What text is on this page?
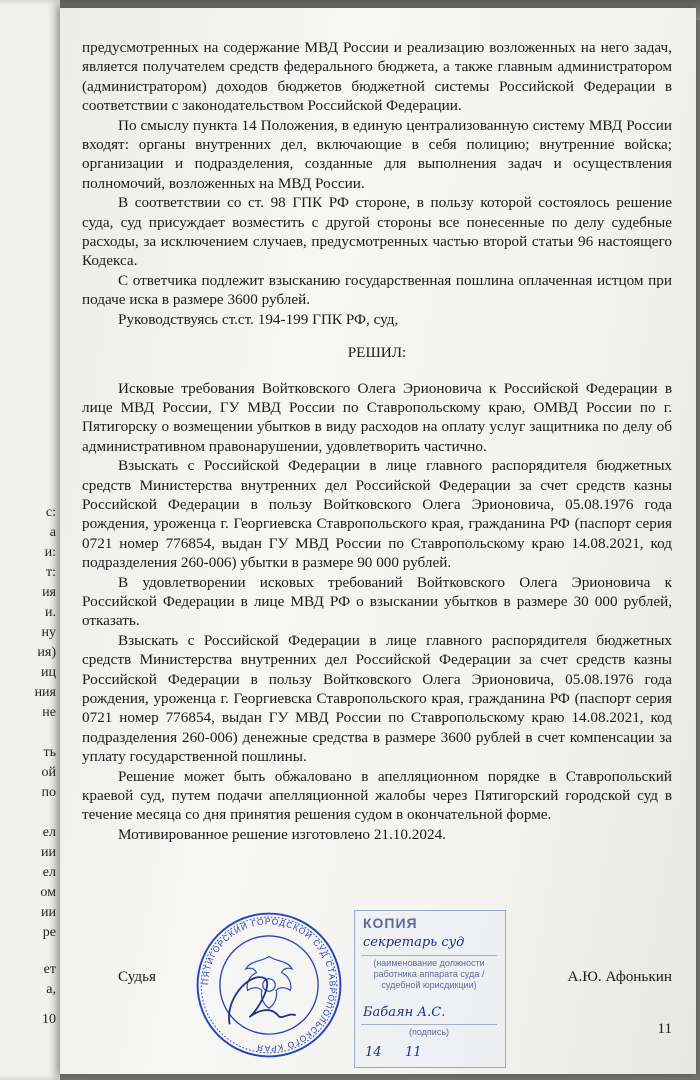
с:
а
и:
т:
ия
и.
ну
ия)
иц
ния
не
ть
ой
по
ел
ии
ел
ом
ии
ре
ет
а,
10

предусмотренных на содержание МВД России и реализацию возложенных на него задач, является получателем средств федерального бюджета, а также главным администратором (администратором) доходов бюджетов бюджетной системы Российской Федерации в соответствии с законодательством Российской Федерации.

По смыслу пункта 14 Положения, в единую централизованную систему МВД России входят: органы внутренних дел, включающие в себя полицию; внутренние войска; организации и подразделения, созданные для выполнения задач и осуществления полномочий, возложенных на МВД России.

В соответствии со ст. 98 ГПК РФ стороне, в пользу которой состоялось решение суда, суд присуждает возместить с другой стороны все понесенные по делу судебные расходы, за исключением случаев, предусмотренных частью второй статьи 96 настоящего Кодекса.

С ответчика подлежит взысканию государственная пошлина оплаченная истцом при подаче иска в размере 3600 рублей.

Руководствуясь ст.ст. 194-199 ГПК РФ, суд,

РЕШИЛ:

Исковые требования Войтковского Олега Эрионовича к Российской Федерации в лице МВД России, ГУ МВД России по Ставропольскому краю, ОМВД России по г. Пятигорску о возмещении убытков в виду расходов на оплату услуг защитника по делу об административном правонарушении, удовлетворить частично.

Взыскать с Российской Федерации в лице главного распорядителя бюджетных средств Министерства внутренних дел Российской Федерации за счет средств казны Российской Федерации в пользу Войтковского Олега Эрионовича, 05.08.1976 года рождения, уроженца г. Георгиевска Ставропольского края, гражданина РФ (паспорт серия 0721 номер 776854, выдан ГУ МВД России по Ставропольскому краю 14.08.2021, код подразделения 260-006) убытки в размере 90 000 рублей.

В удовлетворении исковых требований Войтковского Олега Эрионовича к Российской Федерации в лице МВД РФ о взыскании убытков в размере 30 000 рублей, отказать.

Взыскать с Российской Федерации в лице главного распорядителя бюджетных средств Министерства внутренних дел Российской Федерации за счет средств казны Российской Федерации в пользу Войтковского Олега Эрионовича, 05.08.1976 года рождения, уроженца г. Георгиевска Ставропольского края, гражданина РФ (паспорт серия 0721 номер 776854, выдан ГУ МВД России по Ставропольскому краю 14.08.2021, код подразделения 260-006) денежные средства в размере 3600 рублей в счет компенсации за уплату государственной пошлины.

Решение может быть обжаловано в апелляционном порядке в Ставропольский краевой суд, путем подачи апелляционной жалобы через Пятигорский городской суд в течение месяца со дня принятия решения судом в окончательной форме.

Мотивированное решение изготовлено 21.10.2024.

Судья	ПЯТИГОРСКИЙ ГОРОДСКОЙ СУД СТАВРОПОЛЬСКОГО КРАЯ
КОПИЯ
секретарь суд
(наименование должности работника аппарата суда / судебной юрисдикции)
Бабаян А.С.
(подпись)
14 11
А.Ю. Афонькин
11
